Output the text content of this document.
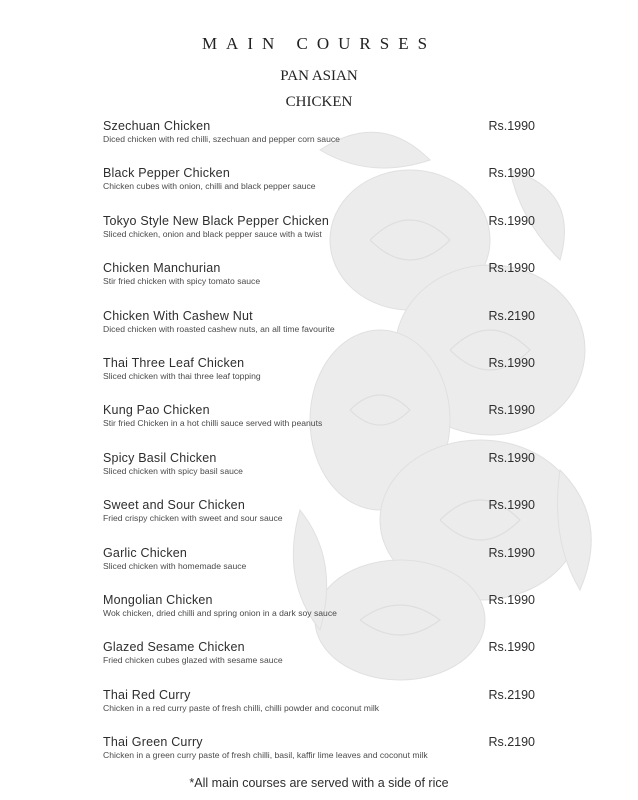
MAIN COURSES
PAN ASIAN
CHICKEN
Szechuan Chicken
Diced chicken with red chilli, szechuan and pepper corn sauce
Rs.1990
Black Pepper Chicken
Chicken cubes with onion, chilli and black pepper sauce
Rs.1990
Tokyo Style New Black Pepper Chicken
Sliced chicken, onion and black pepper sauce with a twist
Rs.1990
Chicken Manchurian
Stir fried chicken with spicy tomato sauce
Rs.1990
Chicken With Cashew Nut
Diced chicken with roasted cashew nuts, an all time favourite
Rs.2190
Thai Three Leaf Chicken
Sliced chicken with thai three leaf topping
Rs.1990
Kung Pao Chicken
Stir fried Chicken in a hot chilli sauce served with peanuts
Rs.1990
Spicy Basil Chicken
Sliced chicken with spicy basil sauce
Rs.1990
Sweet and Sour Chicken
Fried crispy chicken with sweet and sour sauce
Rs.1990
Garlic Chicken
Sliced chicken with homemade sauce
Rs.1990
Mongolian Chicken
Wok chicken, dried chilli and spring onion in a dark soy sauce
Rs.1990
Glazed Sesame Chicken
Fried chicken cubes glazed with sesame sauce
Rs.1990
Thai Red Curry
Chicken in a red curry paste of fresh chilli, chilli powder and coconut milk
Rs.2190
Thai Green Curry
Chicken in a green curry paste of fresh chilli, basil, kaffir lime leaves and coconut milk
Rs.2190
*All main courses are served with a side of rice
